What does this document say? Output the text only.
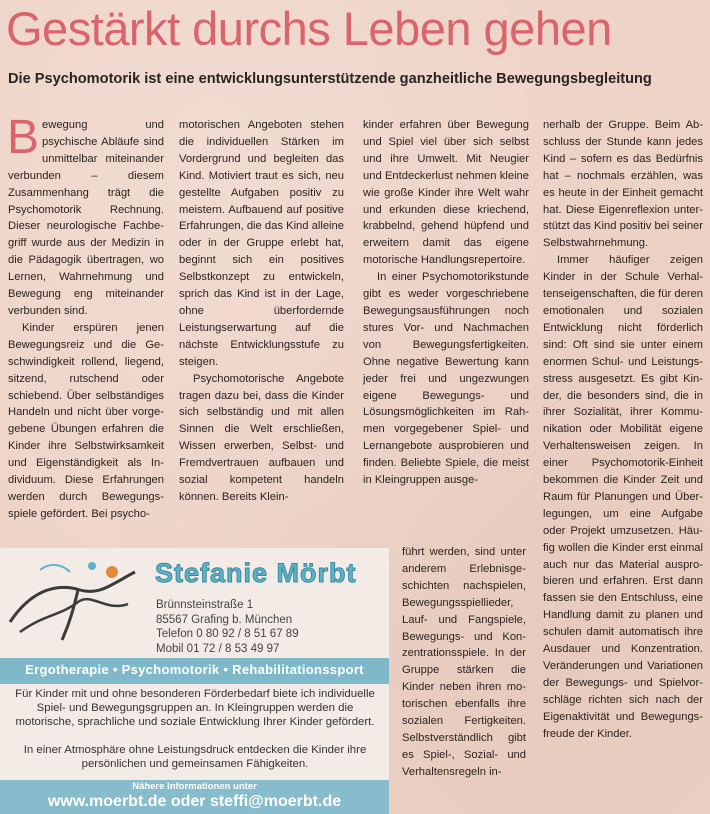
Gestärkt durchs Leben gehen
Die Psychomotorik ist eine entwicklungsunterstützende ganzheitliche Bewegungsbegleitung

Bewegung und psychische Abläufe sind unmittelbar miteinander verbunden – diesem Zusammenhang trägt die Psychomotorik Rechnung. Dieser neurologische Fachbegriff wurde aus der Medizin in die Pädagogik übertragen, wo Lernen, Wahrnehmung und Bewegung eng miteinander verbunden sind.

Kinder erspüren jenen Bewegungsreiz und die Geschwindigkeit rollend, liegend, sitzend, rutschend oder schiebend. Über selbständiges Handeln und nicht über vorgegebene Übungen erfahren die Kinder ihre Selbstwirksamkeit und Eigenständigkeit als Individuum. Diese Erfahrungen werden durch Bewegungsspiele gefördert. Bei psycho-

motorischen Angeboten stehen die individuellen Stärken im Vordergrund und begleiten das Kind. Motiviert traut es sich, neu gestellte Aufgaben positiv zu meistern. Aufbauend auf positive Erfahrungen, die das Kind alleine oder in der Gruppe erlebt hat, beginnt sich ein positives Selbstkonzept zu entwickeln, sprich das Kind ist in der Lage, ohne überfordernde Leistungserwartung auf die nächste Entwicklungsstufe zu steigen.

Psychomotorische Angebote tragen dazu bei, dass die Kinder sich selbständig und mit allen Sinnen die Welt erschließen, Wissen erwerben, Selbst- und Fremdvertrauen aufbauen und sozial kompetent handeln können. Bereits Klein-

kinder erfahren über Bewegung und Spiel viel über sich selbst und ihre Umwelt. Mit Neugier und Entdeckerlust nehmen kleine wie große Kinder ihre Welt wahr und erkunden diese kriechend, krabbelnd, gehend hüpfend und erweitern damit das eigene motorische Handlungsrepertoire.

In einer Psychomotorikstunde gibt es weder vorgeschriebene Bewegungsausführungen noch stures Vor- und Nachmachen von Bewegungsfertigkeiten. Ohne negative Bewertung kann jeder frei und ungezwungen eigene Bewegungs- und Lösungsmöglichkeiten im Rahmen vorgegebener Spiel- und Lernangebote ausprobieren und finden. Beliebte Spiele, die meist in Kleingruppen ausge-

führt werden, sind unter anderem Erlebnisgeschichten nachspielen, Bewegungsspiellieder, Lauf- und Fangspiele, Bewegungs- und Konzentrationsspiele. In der Gruppe stärken die Kinder neben ihren motorischen ebenfalls ihre sozialen Fertigkeiten. Selbstverständlich gibt es Spiel-, Sozial- und Verhaltensregeln in-

nerhalb der Gruppe. Beim Abschluss der Stunde kann jedes Kind – sofern es das Bedürfnis hat – nochmals erzählen, was es heute in der Einheit gemacht hat. Diese Eigenreflexion unterstützt das Kind positiv bei seiner Selbstwahrnehmung.

Immer häufiger zeigen Kinder in der Schule Verhaltenseigenschaften, die für deren emotionalen und sozialen Entwicklung nicht förderlich sind: Oft sind sie unter einem enormen Schul- und Leistungsstress ausgesetzt. Es gibt Kinder, die besonders sind, die in ihrer Sozialität, ihrer Kommunikation oder Mobilität eigene Verhaltensweisen zeigen. In einer Psychomotorik-Einheit bekommen die Kinder Zeit und Raum für Planungen und Überlegungen, um eine Aufgabe oder Projekt umzusetzen. Häufig wollen die Kinder erst einmal auch nur das Material ausprobieren und erfahren. Erst dann fassen sie den Entschluss, eine Handlung damit zu planen und schulen damit automatisch ihre Ausdauer und Konzentration. Veränderungen und Variationen der Bewegungs- und Spielvorschläge richten sich nach der Eigenaktivität und Bewegungsfreude der Kinder.

Stefanie Mörbt
Brünnsteinstraße 1
85567 Grafing b. München
Telefon 0 80 92 / 8 51 67 89
Mobil 01 72 / 8 53 49 97
Ergotherapie • Psychomotorik • Rehabilitationssport
Für Kinder mit und ohne besonderen Förderbedarf biete ich individuelle Spiel- und Bewegungsgruppen an. In Kleingruppen werden die motorische, sprachliche und soziale Entwicklung Ihrer Kinder gefördert.
In einer Atmosphäre ohne Leistungsdruck entdecken die Kinder ihre persönlichen und gemeinsamen Fähigkeiten.
Nähere Informationen unter
www.moerbt.de oder steffi@moerbt.de
